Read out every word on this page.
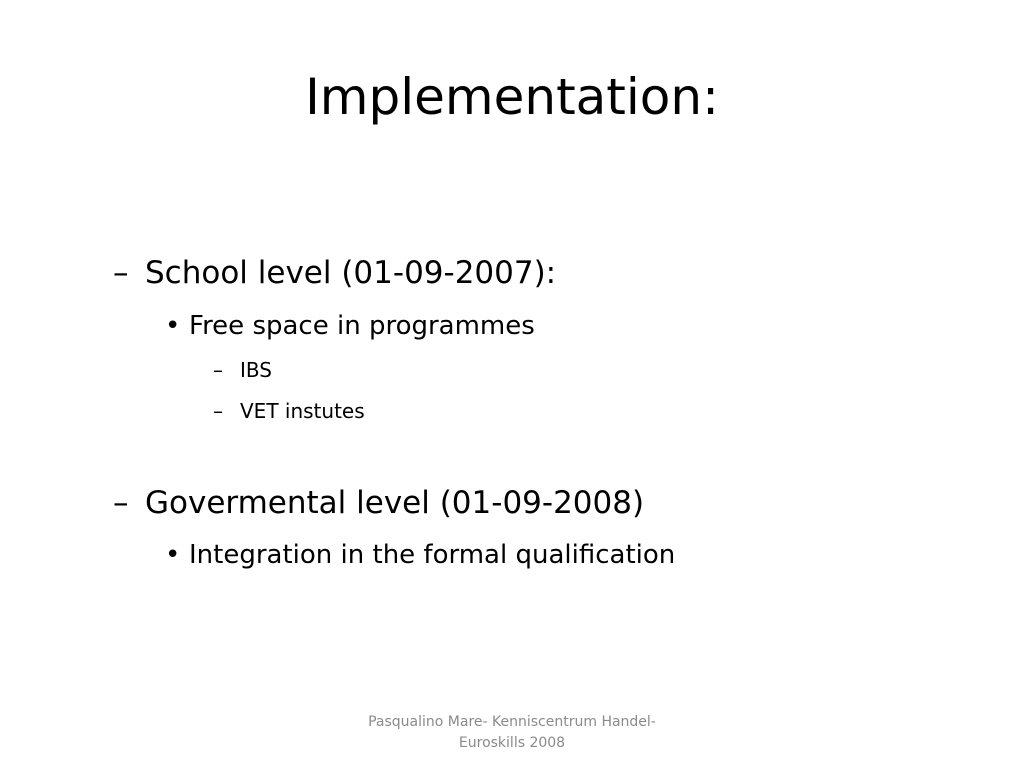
Implementation:
– School level (01-09-2007):
• Free space in programmes
– IBS
– VET instutes
– Govermental level (01-09-2008)
• Integration in the formal qualification
Pasqualino Mare- Kenniscentrum Handel-
Euroskills 2008
